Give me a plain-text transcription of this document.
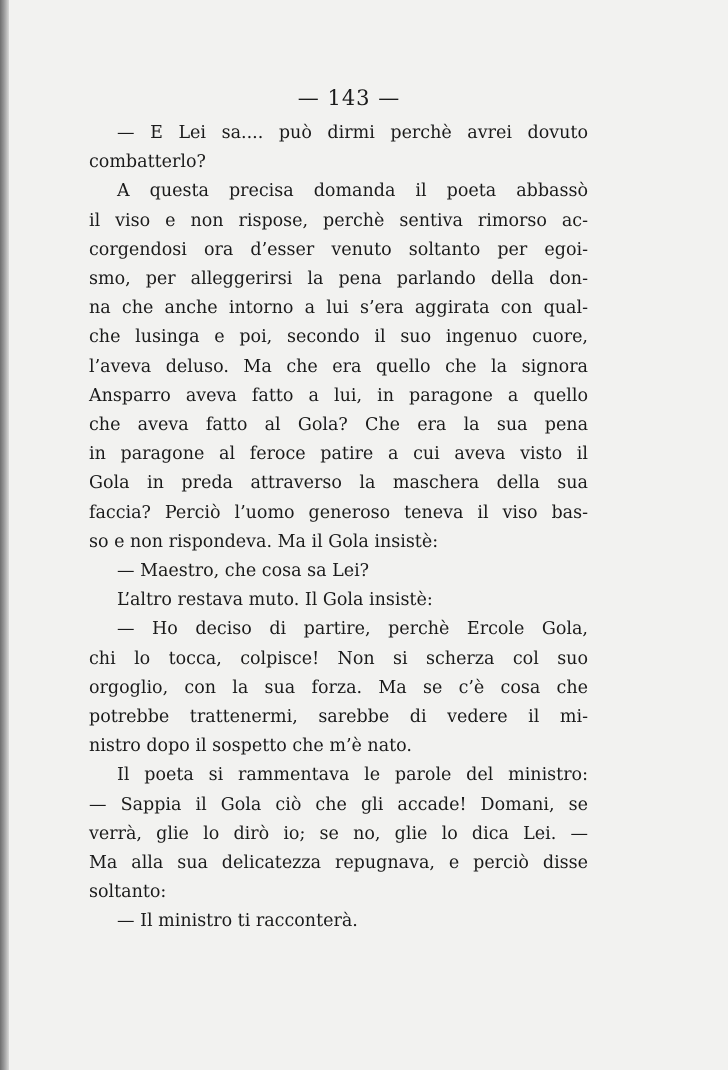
— 143 —

— E Lei sa.... può dirmi perchè avrei dovuto

combatterlo?

A questa precisa domanda il poeta abbassò

il viso e non rispose, perchè sentiva rimorso ac-

corgendosi ora d’esser venuto soltanto per egoi-

smo, per alleggerirsi la pena parlando della don-

na che anche intorno a lui s’era aggirata con qual-

che lusinga e poi, secondo il suo ingenuo cuore,

l’aveva deluso. Ma che era quello che la signora

Ansparro aveva fatto a lui, in paragone a quello

che aveva fatto al Gola? Che era la sua pena

in paragone al feroce patire a cui aveva visto il

Gola in preda attraverso la maschera della sua

faccia? Perciò l’uomo generoso teneva il viso bas-

so e non rispondeva. Ma il Gola insistè:

— Maestro, che cosa sa Lei?

L’altro restava muto. Il Gola insistè:

— Ho deciso di partire, perchè Ercole Gola,

chi lo tocca, colpisce! Non si scherza col suo

orgoglio, con la sua forza. Ma se c’è cosa che

potrebbe trattenermi, sarebbe di vedere il mi-

nistro dopo il sospetto che m’è nato.

Il poeta si rammentava le parole del ministro:

— Sappia il Gola ciò che gli accade! Domani, se

verrà, glie lo dirò io; se no, glie lo dica Lei. —

Ma alla sua delicatezza repugnava, e perciò disse

soltanto:

— Il ministro ti racconterà.
